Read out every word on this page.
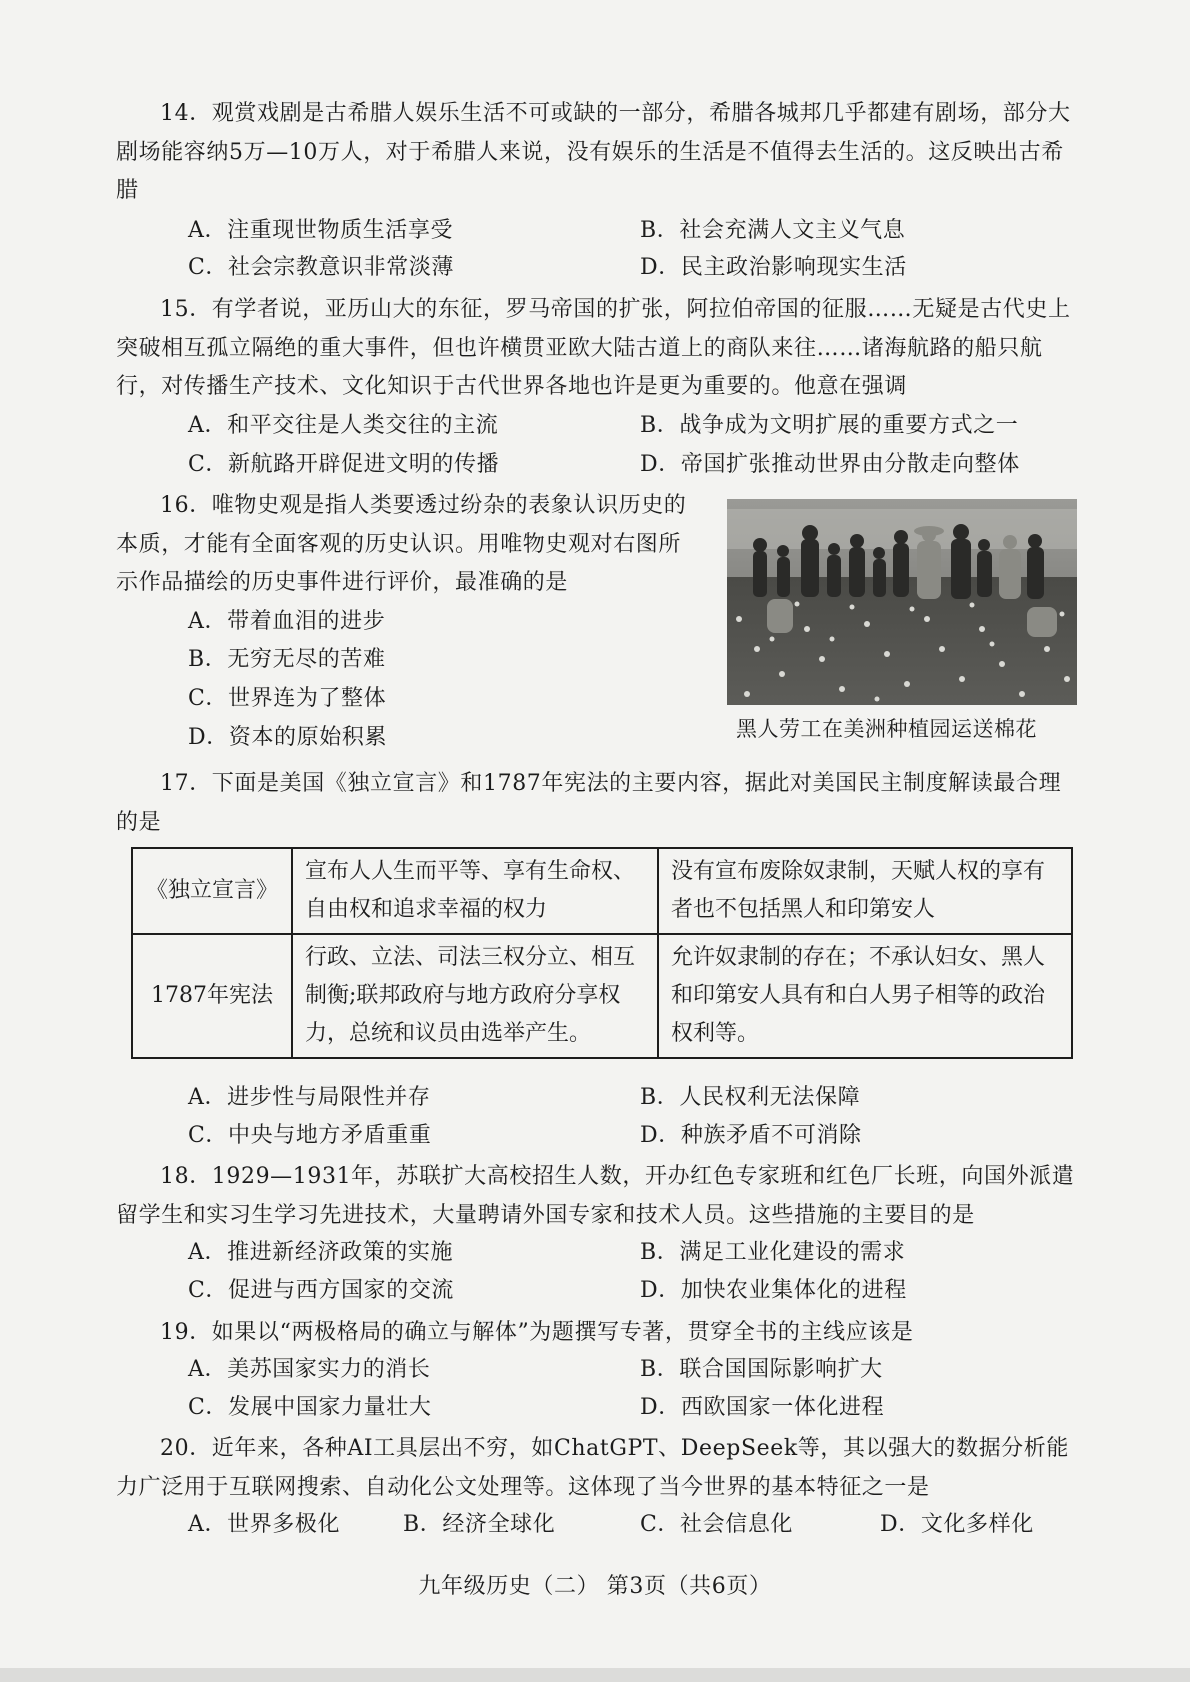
14．观赏戏剧是古希腊人娱乐生活不可或缺的一部分，希腊各城邦几乎都建有剧场，部分大剧场能容纳5万—10万人，对于希腊人来说，没有娱乐的生活是不值得去生活的。这反映出古希腊

A．注重现世物质生活享受	B．社会充满人文主义气息
C．社会宗教意识非常淡薄	D．民主政治影响现实生活

15．有学者说，亚历山大的东征，罗马帝国的扩张，阿拉伯帝国的征服……无疑是古代史上突破相互孤立隔绝的重大事件，但也许横贯亚欧大陆古道上的商队来往……诸海航路的船只航行，对传播生产技术、文化知识于古代世界各地也许是更为重要的。他意在强调

A．和平交往是人类交往的主流	B．战争成为文明扩展的重要方式之一
C．新航路开辟促进文明的传播	D．帝国扩张推动世界由分散走向整体

16．唯物史观是指人类要透过纷杂的表象认识历史的本质，才能有全面客观的历史认识。用唯物史观对右图所示作品描绘的历史事件进行评价，最准确的是

A．带着血泪的进步
B．无穷无尽的苦难
C．世界连为了整体
D．资本的原始积累	黑人劳工在美洲种植园运送棉花

17．下面是美国《独立宣言》和1787年宪法的主要内容，据此对美国民主制度解读最合理的是

《独立宣言》	宣布人人生而平等、享有生命权、自由权和追求幸福的权力	没有宣布废除奴隶制，天赋人权的享有者也不包括黑人和印第安人
1787年宪法	行政、立法、司法三权分立、相互制衡;联邦政府与地方政府分享权力，总统和议员由选举产生。	允许奴隶制的存在；不承认妇女、黑人和印第安人具有和白人男子相等的政治权利等。
A．进步性与局限性并存	B．人民权利无法保障
C．中央与地方矛盾重重	D．种族矛盾不可消除

18．1929—1931年，苏联扩大高校招生人数，开办红色专家班和红色厂长班，向国外派遣留学生和实习生学习先进技术，大量聘请外国专家和技术人员。这些措施的主要目的是

A．推进新经济政策的实施	B．满足工业化建设的需求
C．促进与西方国家的交流	D．加快农业集体化的进程

19．如果以“两极格局的确立与解体”为题撰写专著，贯穿全书的主线应该是

A．美苏国家实力的消长	B．联合国国际影响扩大
C．发展中国家力量壮大	D．西欧国家一体化进程

20．近年来，各种AI工具层出不穷，如ChatGPT、DeepSeek等，其以强大的数据分析能力广泛用于互联网搜索、自动化公文处理等。这体现了当今世界的基本特征之一是

A．世界多极化	B．经济全球化	C．社会信息化	D．文化多样化
九年级历史（二） 第3页（共6页）
